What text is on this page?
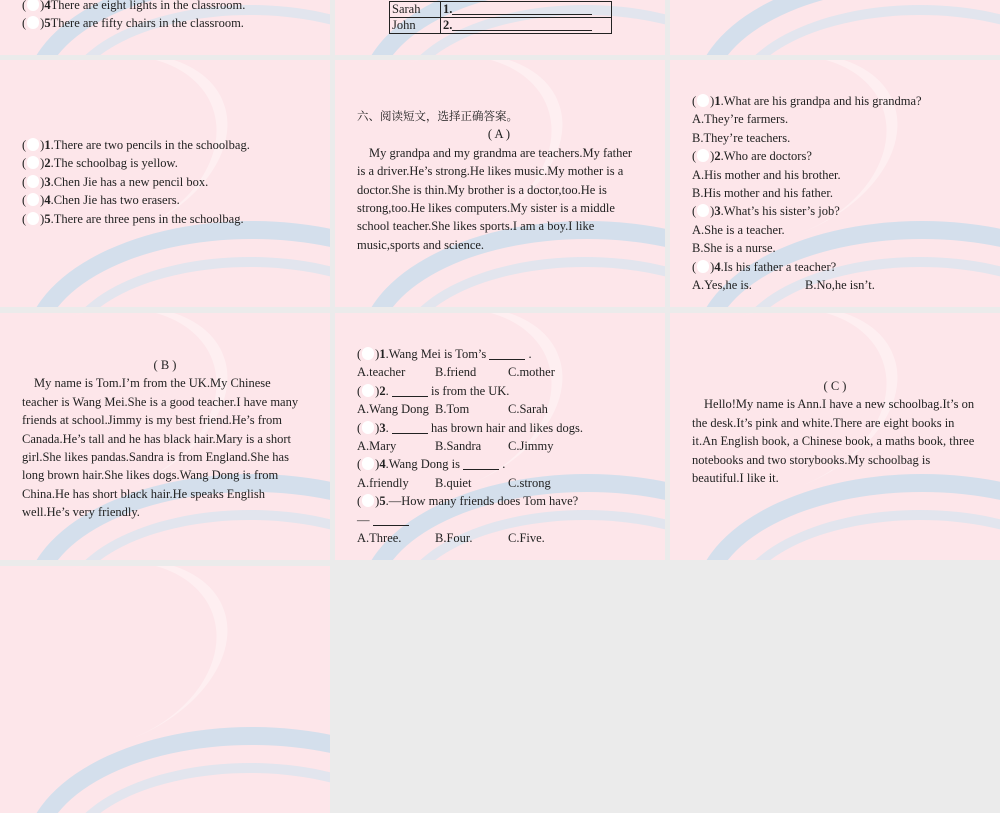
( )4There are eight lights in the classroom.
( )5There are fifty chairs in the classroom.
Sarah	1.
John	2.
( )1.There are two pencils in the schoolbag.
( )2.The schoolbag is yellow.
( )3.Chen Jie has a new pencil box.
( )4.Chen Jie has two erasers.
( )5.There are three pens in the schoolbag.
六、阅读短文，选择正确答案。
( A )
My grandpa and my grandma are teachers.My father is a driver.He’s strong.He likes music.My mother is a doctor.She is thin.My brother is a doctor,too.He is strong,too.He likes computers.My sister is a middle school teacher.She likes sports.I am a boy.I like music,sports and science.
( )1.What are his grandpa and his grandma?
A.They’re farmers.
B.They’re teachers.
( )2.Who are doctors?
A.His mother and his brother.
B.His mother and his father.
( )3.What’s his sister’s job?
A.She is a teacher.
B.She is a nurse.
( )4.Is his father a teacher?
A.Yes,he is.	B.No,he isn’t.
( B )
My name is Tom.I’m from the UK.My Chinese teacher is Wang Mei.She is a good teacher.I have many friends at school.Jimmy is my best friend.He’s from Canada.He’s tall and he has black hair.Mary is a short girl.She likes pandas.Sandra is from England.She has long brown hair.She likes dogs.Wang Dong is from China.He has short black hair.He speaks English well.He’s very friendly.
( )1.Wang Mei is Tom’s	.
A.teacher B.friend	C.mother
( )2.	is from the UK.
A.Wang Dong B.Tom	C.Sarah
( )3.	has brown hair and likes dogs.
A.Mary	B.Sandra C.Jimmy
( )4.Wang Dong is	.
A.friendly B.quiet	C.strong
( )5.—How many friends does Tom have?
—
A.Three.	B.Four.	C.Five.
( C )
Hello!My name is Ann.I have a new schoolbag.It’s on the desk.It’s pink and white.There are eight books in it.An English book, a Chinese book, a maths book, three notebooks and two storybooks.My schoolbag is beautiful.I like it.
